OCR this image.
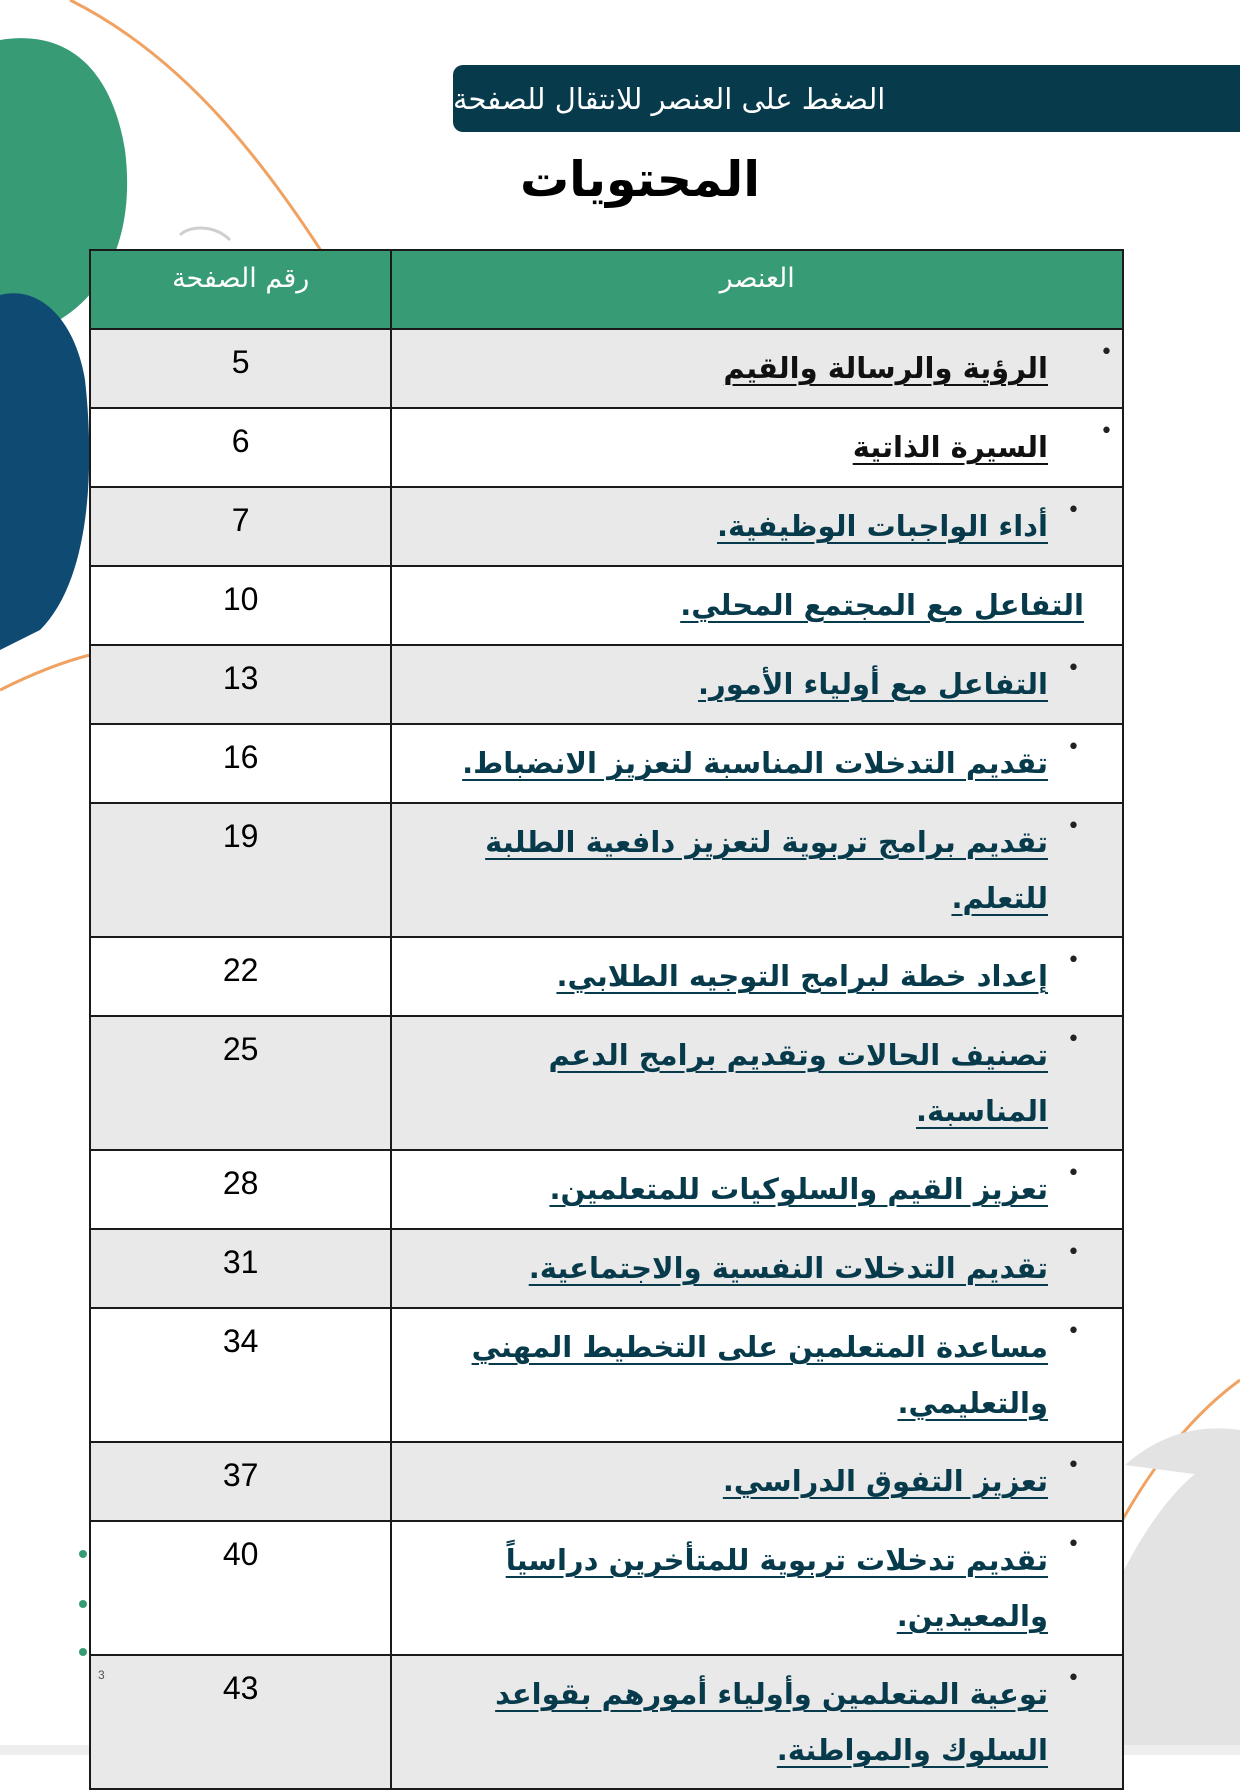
الضغط على العنصر للانتقال للصفحة
المحتويات
العنصر	رقم الصفحة

•
الرؤية والرسالة والقيم	5

•
السيرة الذاتية	6

•
أداء الواجبات الوظيفية.	7

التفاعل مع المجتمع المحلي.	10

•
التفاعل مع أولياء الأمور.	13

•
تقديم التدخلات المناسبة لتعزيز الانضباط.	16

•
تقديم برامج تربوية لتعزيز دافعية الطلبة للتعلم.	19

•
إعداد خطة لبرامج التوجيه الطلابي.	22

•
تصنيف الحالات وتقديم برامج الدعم المناسبة.	25

•
تعزيز القيم والسلوكيات للمتعلمين.	28

•
تقديم التدخلات النفسية والاجتماعية.	31

•
مساعدة المتعلمين على التخطيط المهني والتعليمي.	34

•
تعزيز التفوق الدراسي.	37

•
تقديم تدخلات تربوية للمتأخرين دراسياً والمعيدين.	40

•
توعية المتعلمين وأولياء أمورهم بقواعد السلوك والمواطنة.	43
3
